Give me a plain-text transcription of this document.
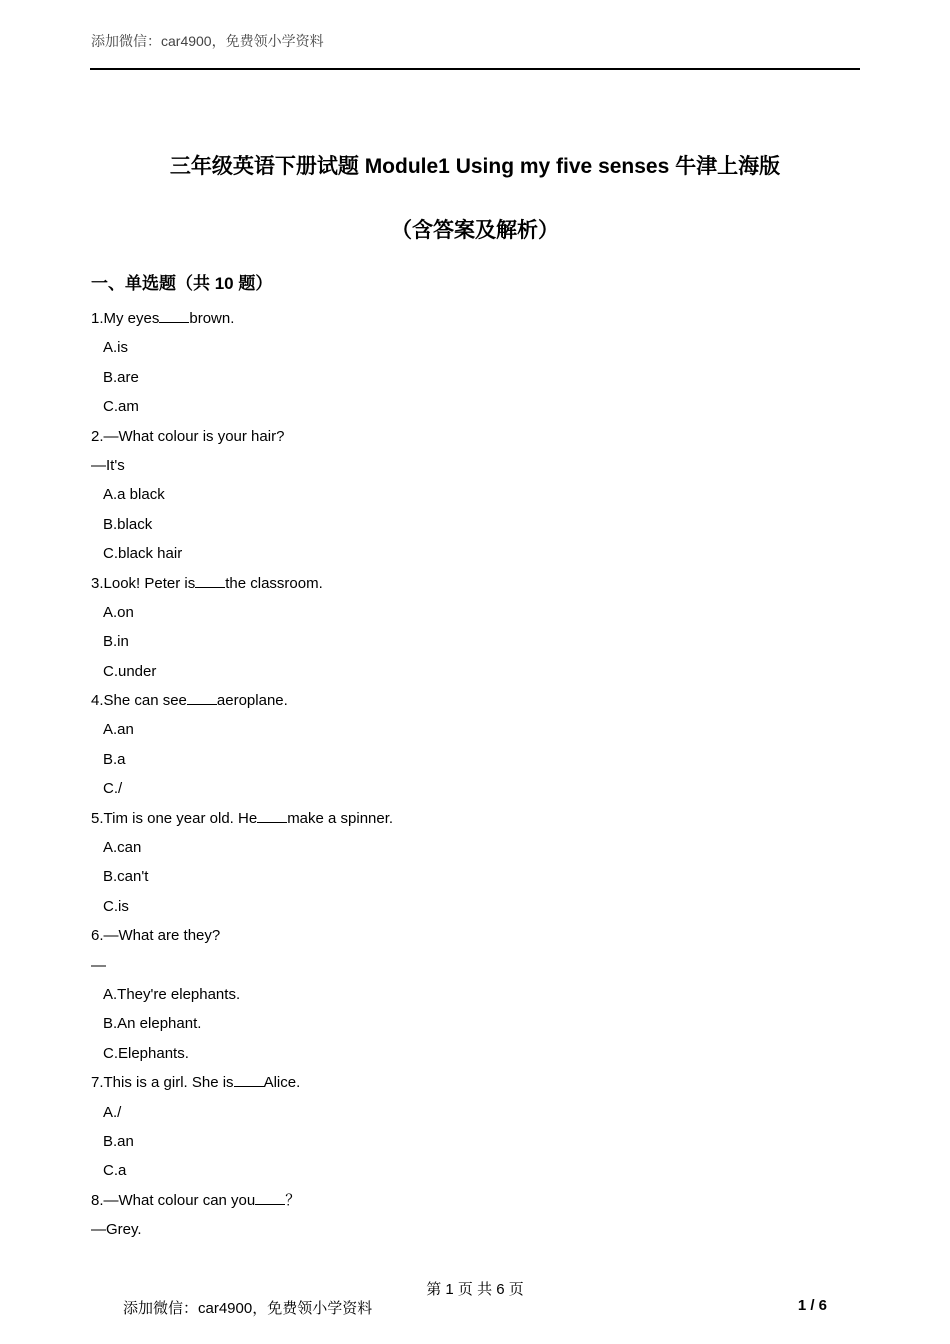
添加微信：car4900，免费领小学资料
三年级英语下册试题 Module1 Using my five senses 牛津上海版
（含答案及解析）
一、单选题（共 10 题）
1.My eyes brown.
A.is
B.are
C.am
2.—What colour is your hair?
—It's
A.a black
B.black
C.black hair
3.Look! Peter is the classroom.
A.on
B.in
C.under
4.She can see aeroplane.
A.an
B.a
C./
5.Tim is one year old. He make a spinner.
A.can
B.can't
C.is
6.—What are they?
—
A.They're elephants.
B.An elephant.
C.Elephants.
7.This is a girl. She is Alice.
A./
B.an
C.a
8.—What colour can you ？
—Grey.
第 1 页 共 6 页
添加微信：car4900，免费领小学资料	1 / 6
